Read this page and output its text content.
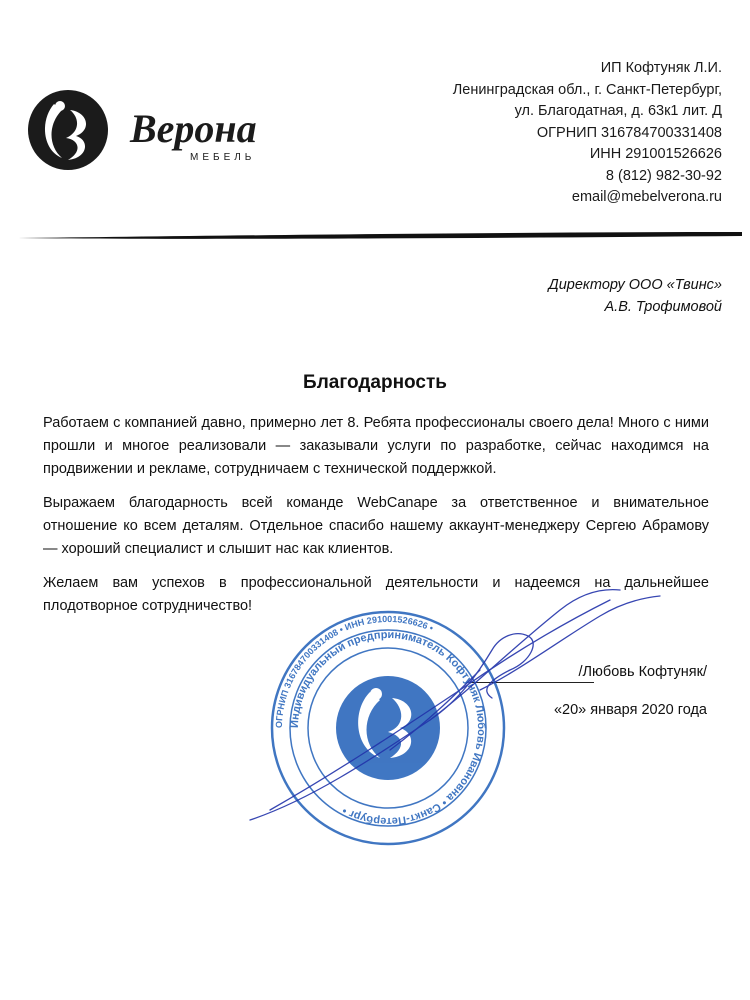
Верона
МЕБЕЛЬ
ИП Кофтуняк Л.И.
Ленинградская обл., г. Санкт-Петербург,
ул. Благодатная, д. 63к1 лит. Д
ОГРНИП 316784700331408
ИНН 291001526626
8 (812) 982-30-92
email@mebelverona.ru
Директору ООО «Твинс»
А.В. Трофимовой
Благодарность

Работаем с компанией давно, примерно лет 8. Ребята профессионалы своего дела! Много с ними прошли и многое реализовали — заказывали услуги по разработке, сейчас находимся на продвижении и рекламе, сотрудничаем с технической поддержкой.

Выражаем благодарность всей команде WebCanape за ответственное и внимательное отношение ко всем деталям. Отдельное спасибо нашему аккаунт-менеджеру Сергею Абрамову — хороший специалист и слышит нас как клиентов.

Желаем вам успехов в профессиональной деятельности и надеемся на дальнейшее плодотворное сотрудничество!

/Любовь Кофтуняк/
«20» января 2020 года
ОГРНИП 316784700331408 • ИНН 291001526626 •
Индивидуальный предприниматель Кофтуняк Любовь Ивановна • Санкт-Петербург •
